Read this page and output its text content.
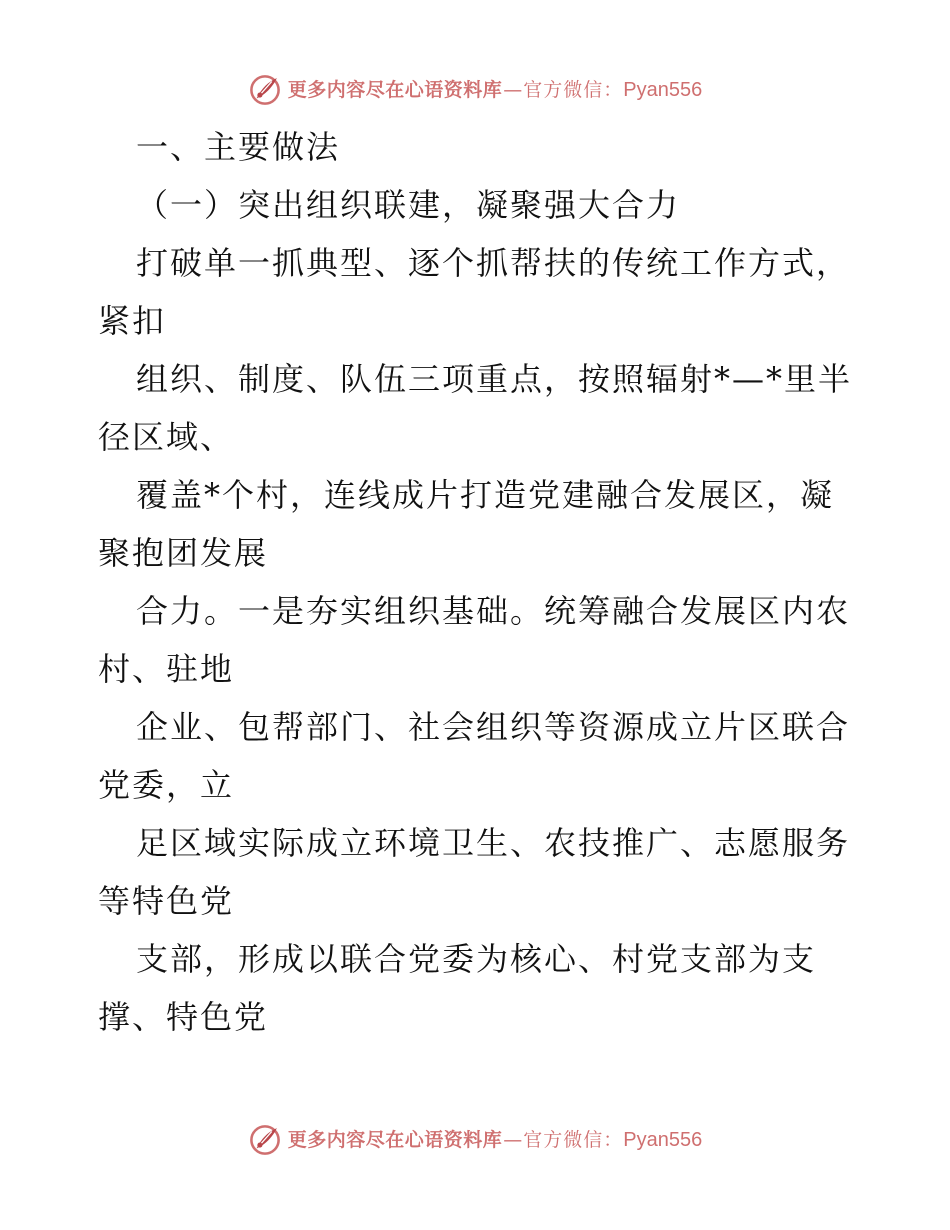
更多内容尽在心语资料库 — 官方微信： Pyan556
一、主要做法
（一）突出组织联建，凝聚强大合力
打破单一抓典型、逐个抓帮扶的传统工作方式，
紧扣
组织、制度、队伍三项重点，按照辐射*—*里半
径区域、
覆盖*个村，连线成片打造党建融合发展区，凝
聚抱团发展
合力。一是夯实组织基础。统筹融合发展区内农
村、驻地
企业、包帮部门、社会组织等资源成立片区联合
党委，立
足区域实际成立环境卫生、农技推广、志愿服务
等特色党
支部，形成以联合党委为核心、村党支部为支
撑、特色党
更多内容尽在心语资料库 — 官方微信： Pyan556
